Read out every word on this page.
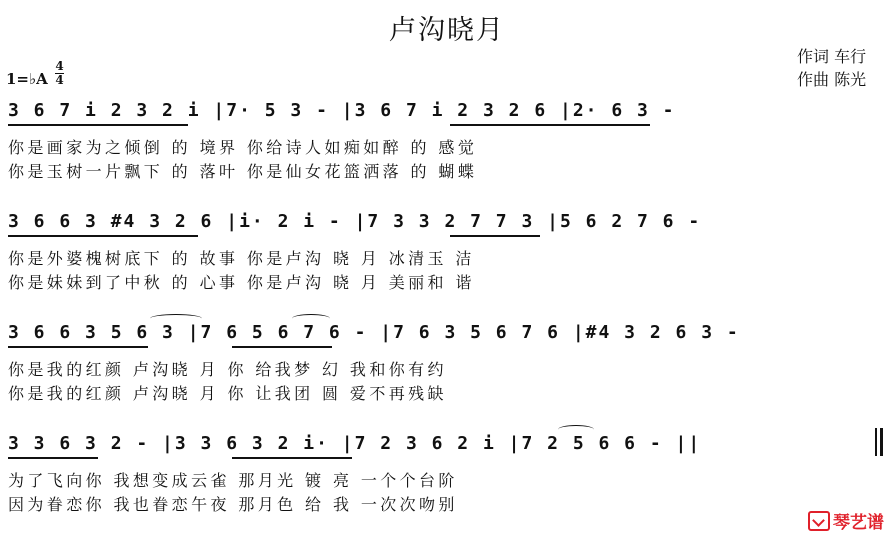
卢沟晓月
作词 车行
作曲 陈光
1=♭A
4
4
3 6 7 i 2 3 2 i |7· 5 3 - |3 6 7 i 2 3 2 6 |2· 6 3 -
你是画家为之倾倒 的 境界 你给诗人如痴如醉 的 感觉
你是玉树一片飘下 的 落叶 你是仙女花篮洒落 的 蝴蝶
3 6 6 3 #4 3 2 6 |i· 2 i - |7 3 3 2 7 7 3 |5 6 2 7 6 -
你是外婆槐树底下 的 故事 你是卢沟 晓 月 冰清玉 洁
你是妹妹到了中秋 的 心事 你是卢沟 晓 月 美丽和 谐
3 6 6 3 5 6 3 |7 6 5 6 7 6 - |7 6 3 5 6 7 6 |#4 3 2 6 3 -
你是我的红颜 卢沟晓 月 你 给我梦 幻 我和你有约
你是我的红颜 卢沟晓 月 你 让我团 圆 爱不再残缺
3 3 6 3 2 - |3 3 6 3 2 i· |7 2 3 6 2 i |7 2 5 6 6 - ||
为了飞向你 我想变成云雀 那月光 镀 亮 一个个台阶
因为眷恋你 我也眷恋午夜 那月色 给 我 一次次吻别
琴艺谱
